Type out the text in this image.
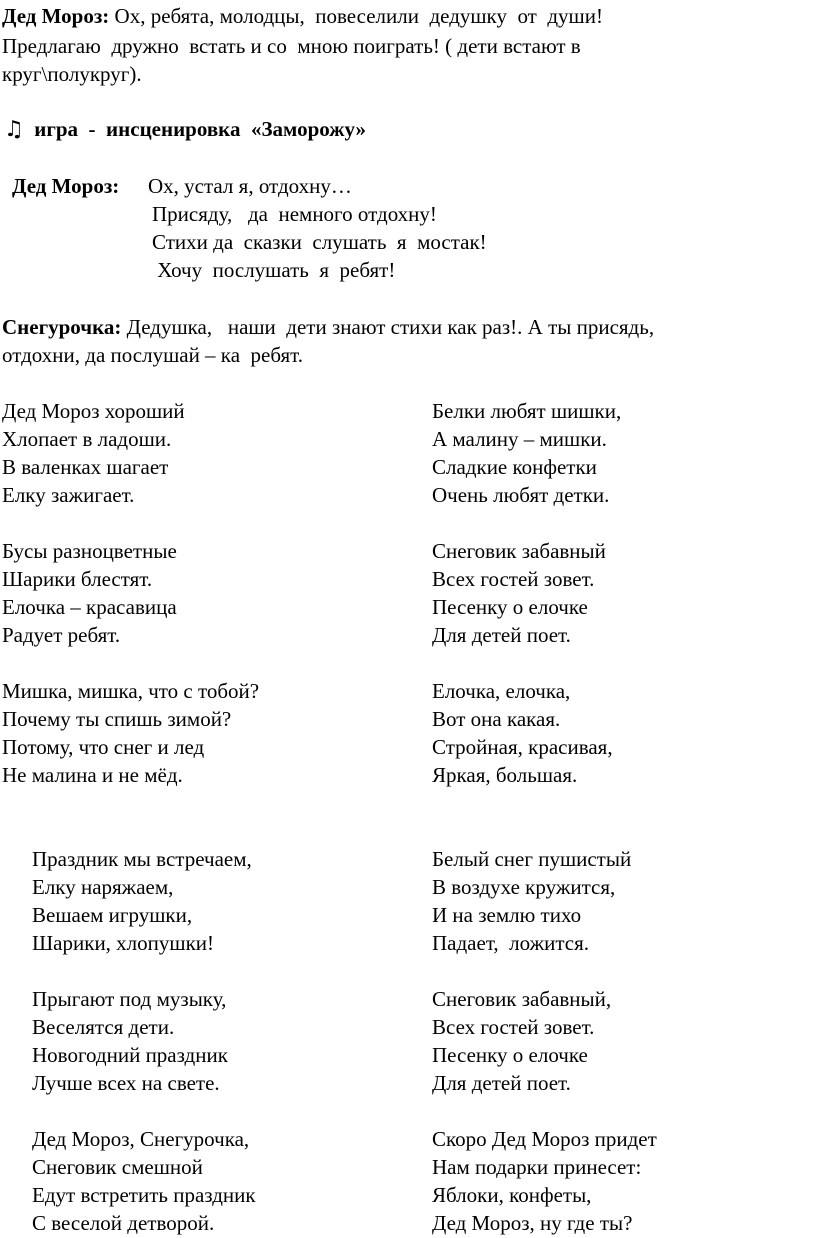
Дед Мороз: Ох, ребята, молодцы,  повеселили  дедушку  от  души!
Предлагаю  дружно  встать и со  мною поиграть! ( дети встают в
круг\полукруг).
♫ игра  -  инсценировка  «Заморожу»
Дед Мороз: Ох, устал я, отдохну…
Присяду,   да  немного отдохну!
Стихи да  сказки  слушать  я  мостак!
Хочу  послушать  я  ребят!
Снегурочка: Дедушка,   наши  дети знают стихи как раз!. А ты присядь,
отдохни, да послушай – ка  ребят.
Дед Мороз хороший
Хлопает в ладоши.
В валенках шагает
Елку зажигает.
Белки любят шишки,
А малину – мишки.
Сладкие конфетки
Очень любят детки.
Бусы разноцветные
Шарики блестят.
Елочка – красавица
Радует ребят.
Снеговик забавный
Всех гостей зовет.
Песенку о елочке
Для детей поет.
Мишка, мишка, что с тобой?
Почему ты спишь зимой?
Потому, что снег и лед
Не малина и не мёд.
Елочка, елочка,
Вот она какая.
Стройная, красивая,
Яркая, большая.
Праздник мы встречаем,
Елку наряжаем,
Вешаем игрушки,
Шарики, хлопушки!
Белый снег пушистый
В воздухе кружится,
И на землю тихо
Падает,  ложится.
Прыгают под музыку,
Веселятся дети.
Новогодний праздник
Лучше всех на свете.
Снеговик забавный,
Всех гостей зовет.
Песенку о елочке
Для детей поет.
Дед Мороз, Снегурочка,
Снеговик смешной
Едут встретить праздник
С веселой детворой.
Скоро Дед Мороз придет
Нам подарки принесет:
Яблоки, конфеты,
Дед Мороз, ну где ты?
